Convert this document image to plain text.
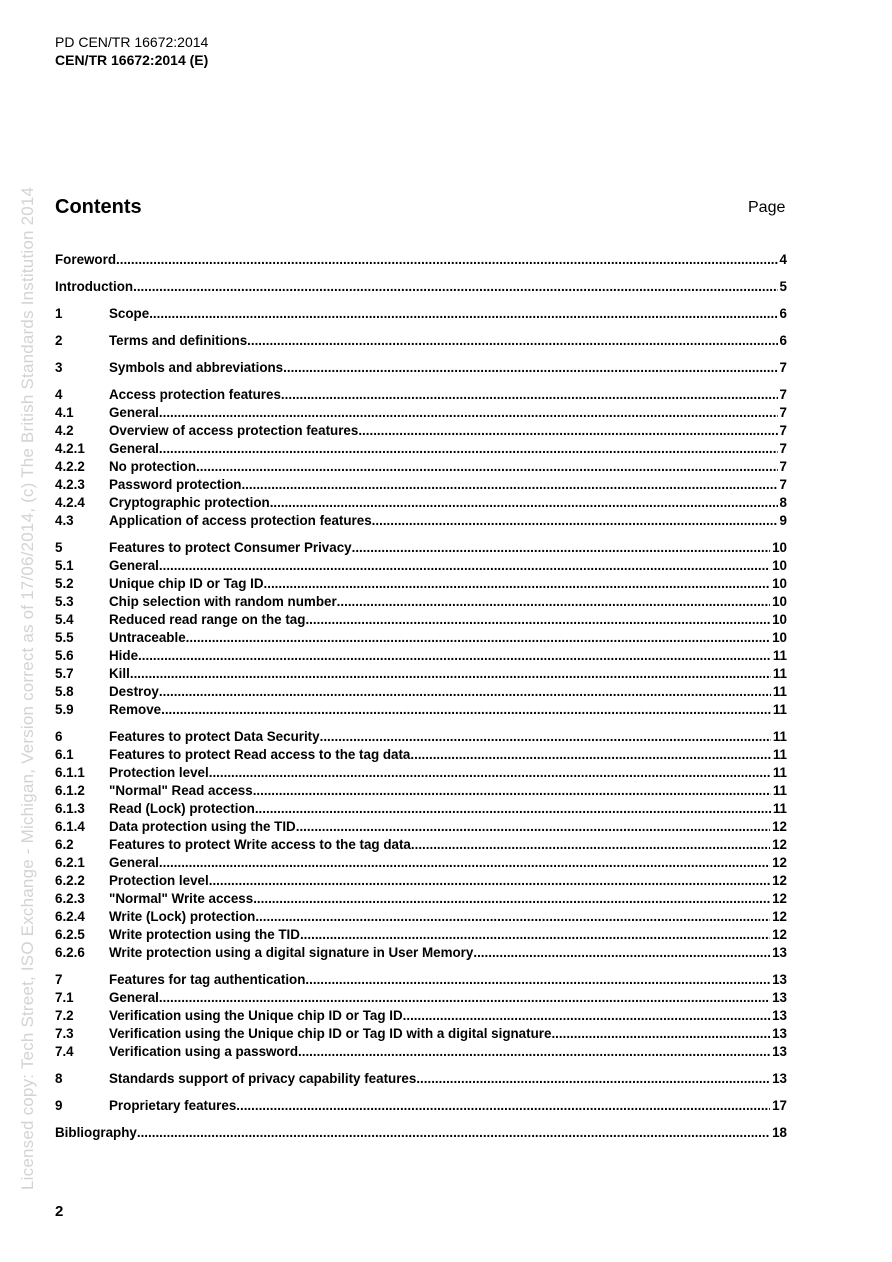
PD CEN/TR 16672:2014
CEN/TR 16672:2014 (E)
Licensed copy: Tech Street, ISO Exchange - Michigan, Version correct as of 17/06/2014, (c) The British Standards Institution 2014 Contents	Page
Foreword .....	4
Introduction .....	5
1	Scope .....	6
2	Terms and definitions .....	6
3	Symbols and abbreviations .....	7
4	Access protection features .....	7
4.1	General .....	7
4.2	Overview of access protection features .....	7
4.2.1	General .....	7
4.2.2	No protection .....	7
4.2.3	Password protection .....	7
4.2.4	Cryptographic protection .....	8
4.3	Application of access protection features .....	9
5	Features to protect Consumer Privacy .....	10
5.1	General .....	10
5.2	Unique chip ID or Tag ID .....	10
5.3	Chip selection with random number .....	10
5.4	Reduced read range on the tag .....	10
5.5	Untraceable .....	10
5.6	Hide .....	11
5.7	Kill .....	11
5.8	Destroy .....	11
5.9	Remove .....	11
6	Features to protect Data Security .....	11
6.1	Features to protect Read access to the tag data .....	11
6.1.1	Protection level .....	11
6.1.2	"Normal" Read access .....	11
6.1.3	Read (Lock) protection .....	11
6.1.4	Data protection using the TID .....	12
6.2	Features to protect Write access to the tag data .....	12
6.2.1	General .....	12
6.2.2	Protection level .....	12
6.2.3	"Normal" Write access .....	12
6.2.4	Write (Lock) protection .....	12
6.2.5	Write protection using the TID .....	12
6.2.6	Write protection using a digital signature in User Memory .....	13
7	Features for tag authentication .....	13
7.1	General .....	13
7.2	Verification using the Unique chip ID or Tag ID .....	13
7.3	Verification using the Unique chip ID or Tag ID with a digital signature .....	13
7.4	Verification using a password .....	13
8	Standards support of privacy capability features .....	13
9	Proprietary features .....	17
Bibliography .....	18
2
